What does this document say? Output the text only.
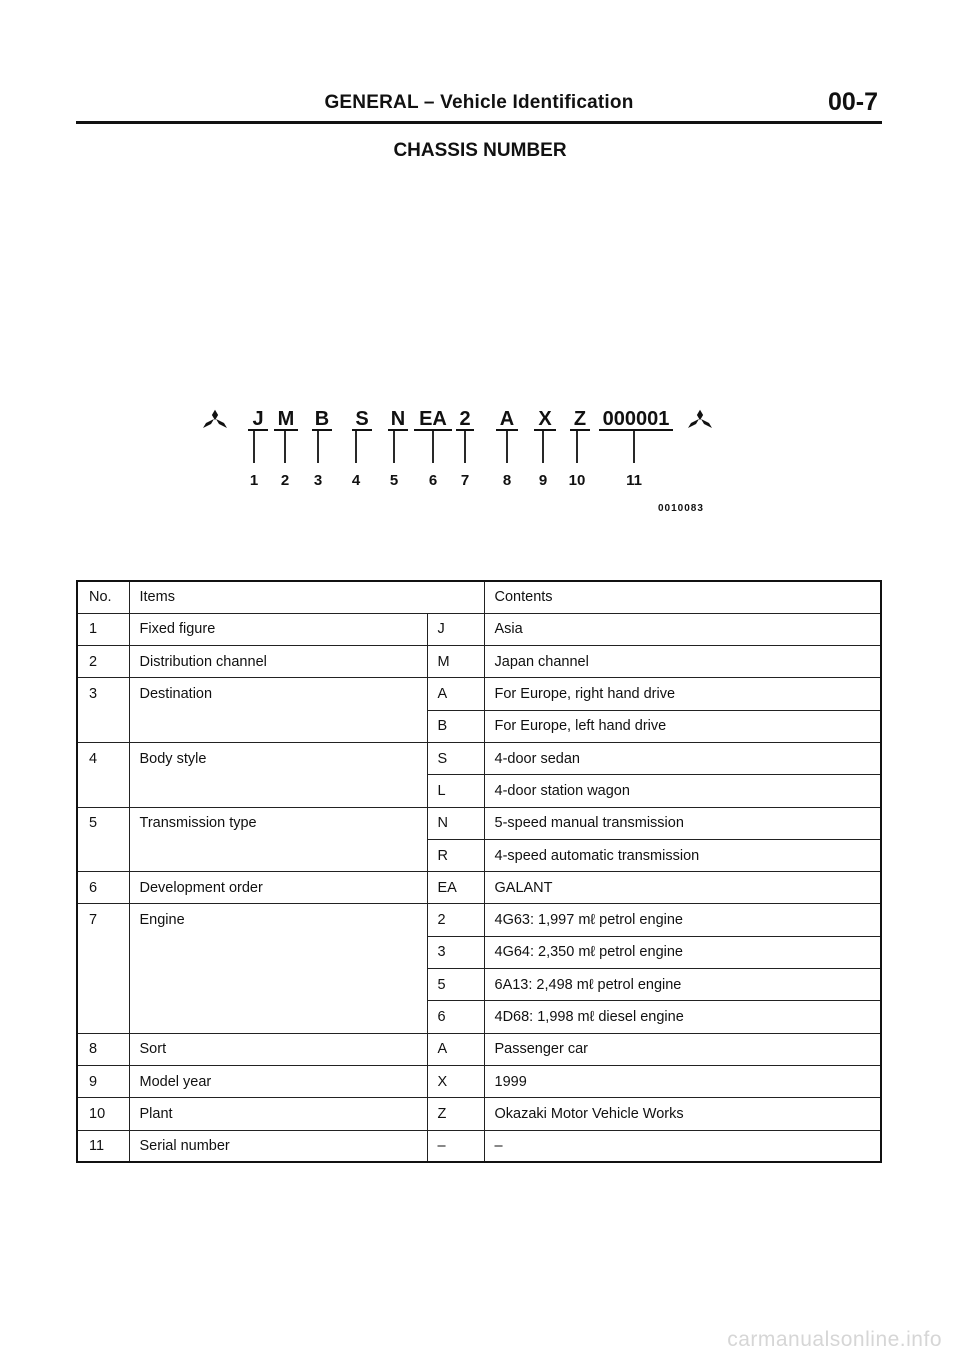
GENERAL – Vehicle Identification	00-7
CHASSIS NUMBER
J
1
M
2
B
3
S
4
N
5
EA
6
2
7
A
8
X
9
Z
10
000001
11
0010083
No.	Items		Contents
1	Fixed figure	J	Asia
2	Distribution channel	M	Japan channel
3	Destination	A	For Europe, right hand drive
		B	For Europe, left hand drive
4	Body style	S	4-door sedan
		L	4-door station wagon
5	Transmission type	N	5-speed manual transmission
		R	4-speed automatic transmission
6	Development order	EA	GALANT
7	Engine	2	4G63: 1,997 mℓ petrol engine
		3	4G64: 2,350 mℓ petrol engine
		5	6A13: 2,498 mℓ petrol engine
		6	4D68: 1,998 mℓ diesel engine
8	Sort	A	Passenger car
9	Model year	X	1999
10	Plant	Z	Okazaki Motor Vehicle Works
11	Serial number	–	–
carmanualsonline.info
